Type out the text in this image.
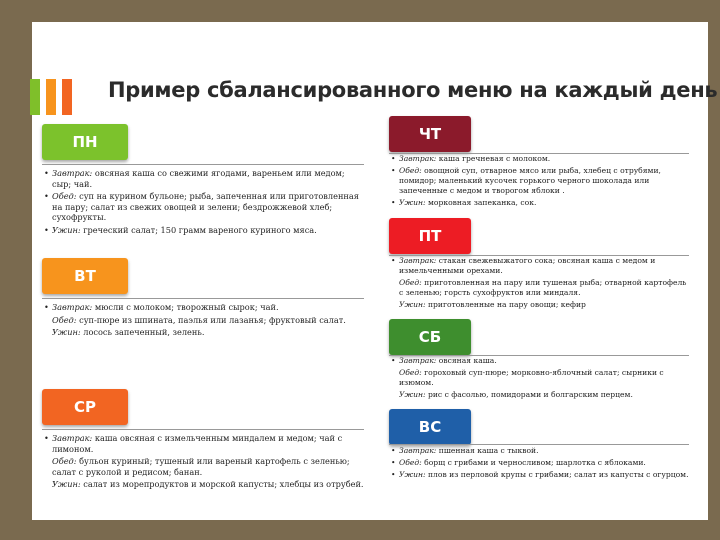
Пример сбалансированного меню на каждый день
ПН
• Завтрак: овсяная каша со свежими ягодами, вареньем или медом; сыр; чай.
• Обед: суп на курином бульоне; рыба, запеченная или приготовленная на пару; салат из свежих овощей и зелени; бездрожжевой хлеб; сухофрукты.
• Ужин: греческий салат; 150 грамм вареного куриного мяса.
ВТ
• Завтрак: мюсли с молоком; творожный сырок; чай.
Обед: суп-пюре из шпината, паэлья или лазанья; фруктовый салат.
Ужин: лосось запеченный, зелень.
СР
• Завтрак: каша овсяная с измельченным миндалем и медом; чай с лимоном.
Обед: бульон куриный; тушеный или вареный картофель с зеленью; салат с руколой и редисом; банан.
Ужин: салат из морепродуктов и морской капусты; хлебцы из отрубей.
ЧТ
• Завтрак: каша гречневая с молоком.
• Обед: овощной суп, отварное мясо или рыба, хлебец с отрубями, помидор; маленький кусочек горького черного шоколада или запеченные с медом и творогом яблоки .
• Ужин: морковная запеканка, сок.
ПТ
• Завтрак: стакан свежевыжатого сока; овсяная каша с медом и измельченными орехами.
Обед: приготовленная на пару или тушеная рыба; отварной картофель с зеленью; горсть сухофруктов или миндаля.
Ужин: приготовленные на пару овощи; кефир
СБ
• Завтрак: овсяная каша.
Обед: гороховый суп-пюре; морковно-яблочный салат; сырники с изюмом.
Ужин: рис с фасолью, помидорами и болгарским перцем.
ВС
• Завтрак: пшенная каша с тыквой.
• Обед: борщ с грибами и черносливом; шарлотка с яблоками.
• Ужин: плов из перловой крупы с грибами; салат из капусты с огурцом.
